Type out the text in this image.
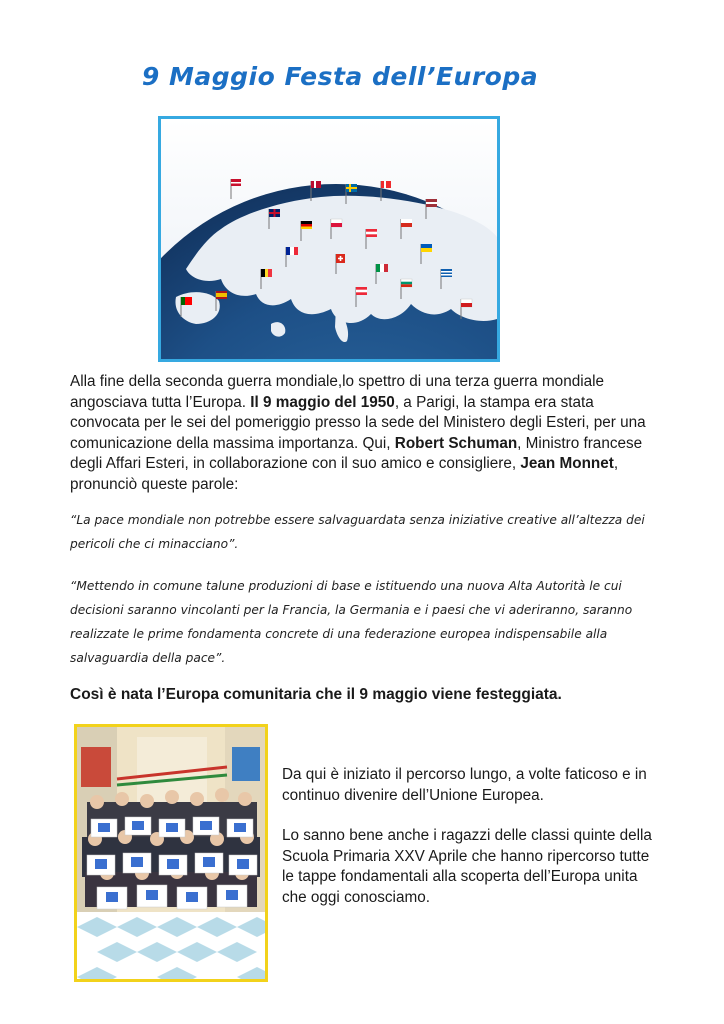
9 Maggio Festa dell’Europa
Alla fine della seconda guerra mondiale,lo spettro di una terza guerra mondiale angosciava tutta l’Europa. Il 9 maggio del 1950, a Parigi, la stampa era stata convocata per le sei del pomeriggio presso la sede del Ministero degli Esteri, per una comunicazione della massima importanza. Qui, Robert Schuman, Ministro francese degli Affari Esteri, in collaborazione con il suo amico e consigliere, Jean Monnet, pronunciò queste parole:
“La pace mondiale non potrebbe essere salvaguardata senza iniziative creative all’altezza dei pericoli che ci minacciano”.
“Mettendo in comune talune produzioni di base e istituendo una nuova Alta Autorità le cui decisioni saranno vincolanti per la Francia, la Germania e i paesi che vi aderiranno, saranno realizzate le prime fondamenta concrete di una federazione europea indispensabile alla salvaguardia della pace”.
Così è nata l’Europa comunitaria che il 9 maggio viene festeggiata.

Da qui è iniziato il percorso lungo, a volte faticoso e in continuo divenire dell’Unione Europea.

Lo sanno bene anche i ragazzi delle classi quinte della Scuola Primaria XXV Aprile che hanno ripercorso tutte le tappe fondamentali alla scoperta dell’Europa unita che oggi conosciamo.
